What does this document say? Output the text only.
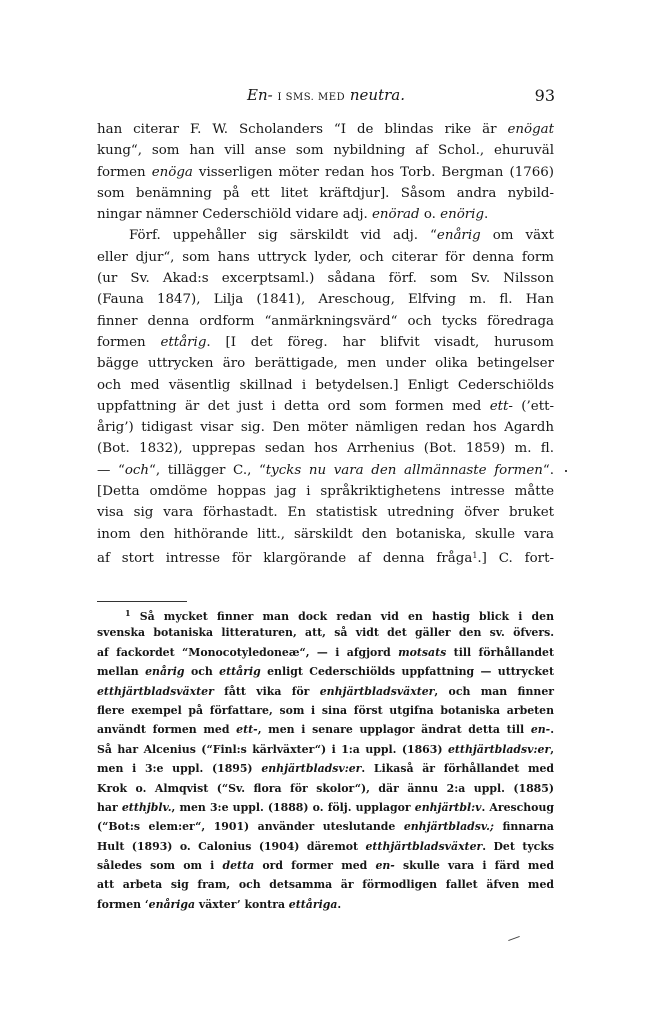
En- I SMS. MED neutra.	93
han citerar F. W. Scholanders “I de blindas rike är enögat
kung“, som han vill anse som nybildning af Schol., ehuruväl
formen enöga visserligen möter redan hos Torb. Bergman (1766)
som benämning på ett litet kräftdjur]. Såsom andra nybild-
ningar nämner Cederschiöld vidare adj. enörad o. enörig.
Förf. uppehåller sig särskildt vid adj. “enårig om växt
eller djur“, som hans uttryck lyder, och citerar för denna form
(ur Sv. Akad:s excerptsaml.) sådana förf. som Sv. Nilsson
(Fauna 1847), Lilja (1841), Areschoug, Elfving m. fl. Han
finner denna ordform “anmärkningsvärd“ och tycks föredraga
formen ettårig. [I det föreg. har blifvit visadt, hurusom
bägge uttrycken äro berättigade, men under olika betingelser
och med väsentlig skillnad i betydelsen.] Enligt Cederschiölds
uppfattning är det just i detta ord som formen med ett- (’ett-
årig’) tidigast visar sig. Den möter nämligen redan hos Agardh
(Bot. 1832), upprepas sedan hos Arrhenius (Bot. 1859) m. fl.
— “och“, tillägger C., “tycks nu vara den allmännaste formen“.
[Detta omdöme hoppas jag i språkriktighetens intresse måtte
visa sig vara förhastadt. En statistisk utredning öfver bruket
inom den hithörande litt., särskildt den botaniska, skulle vara
af stort intresse för klargörande af denna fråga$^1$.] C. fort-
$^1$ Så mycket finner man dock redan vid en hastig blick i den
svenska botaniska litteraturen, att, så vidt det gäller den sv. öfvers.
af fackordet “Monocotyledoneæ“, — i afgjord motsats till förhållandet
mellan enårig och ettårig enligt Cederschiölds uppfattning — uttrycket
etthjärtbladsväxter fått vika för enhjärtbladsväxter, och man finner
flere exempel på författare, som i sina först utgifna botaniska arbeten
användt formen med ett-, men i senare upplagor ändrat detta till en-.
Så har Alcenius (“Finl:s kärlväxter“) i 1:a uppl. (1863) etthjärtbladsv:er,
men i 3:e uppl. (1895) enhjärtbladsv:er. Likaså är förhållandet med
Krok o. Almqvist (“Sv. flora för skolor“), där ännu 2:a uppl. (1885)
har etthjblv., men 3:e uppl. (1888) o. följ. upplagor enhjärtbl:v. Areschoug
(“Bot:s elem:er“, 1901) använder uteslutande enhjärtbladsv.; finnarna
Hult (1893) o. Calonius (1904) däremot etthjärtbladsväxter. Det tycks
således som om i detta ord former med en- skulle vara i färd med
att arbeta sig fram, och detsamma är förmodligen fallet äfven med
formen ‘enåriga växter’ kontra ettåriga.
